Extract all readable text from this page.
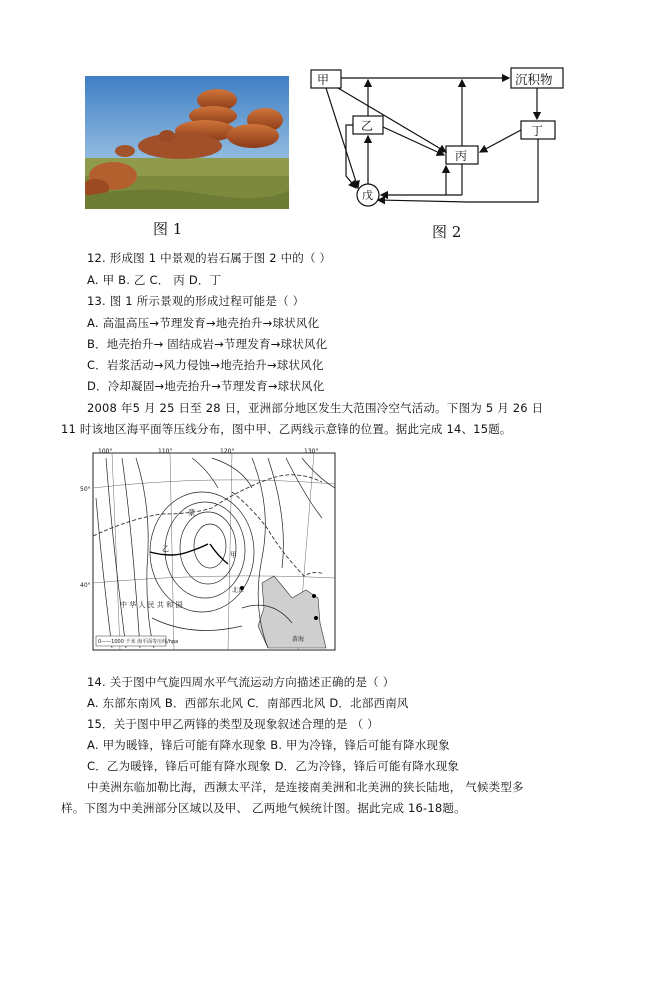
图 1
甲	沉积物
乙	丁
丙
戊
图 2
12. 形成图 1 中景观的岩石属于图 2 中的（ ）
A. 甲 B. 乙 C． 丙 D．丁
13. 图 1 所示景观的形成过程可能是（ ）
A. 高温高压→节理发育→地壳抬升→球状风化
B．地壳抬升→ 固结成岩→节理发育→球状风化
C．岩浆活动→风力侵蚀→地壳抬升→球状风化
D．冷却凝固→地壳抬升→节理发育→球状风化
2008 年5 月 25 日至 28 日，亚洲部分地区发生大范围冷空气活动。下图为 5 月 26 日
11 时该地区海平面等压线分布，图中甲、乙两线示意锋的位置。据此完成 14、15题。
100°	110°	120°	130°
50°
40°
中 华 人 民 共 和 国
蒙
北京
黄海
甲
乙
0——1000 千米 海平面等压线/hpa
14. 关于图中气旋四周水平气流运动方向描述正确的是（ ）
A. 东部东南风 B．西部东北风 C．南部西北风 D．北部西南风
15．关于图中甲乙两锋的类型及现象叙述合理的是 （ ）
A. 甲为暖锋，锋后可能有降水现象 B. 甲为冷锋，锋后可能有降水现象
C．乙为暖锋，锋后可能有降水现象 D．乙为冷锋，锋后可能有降水现象
中美洲东临加勒比海，西濒太平洋，是连接南美洲和北美洲的狭长陆地， 气候类型多
样。下图为中美洲部分区域以及甲、 乙两地气候统计图。据此完成 16-18题。
